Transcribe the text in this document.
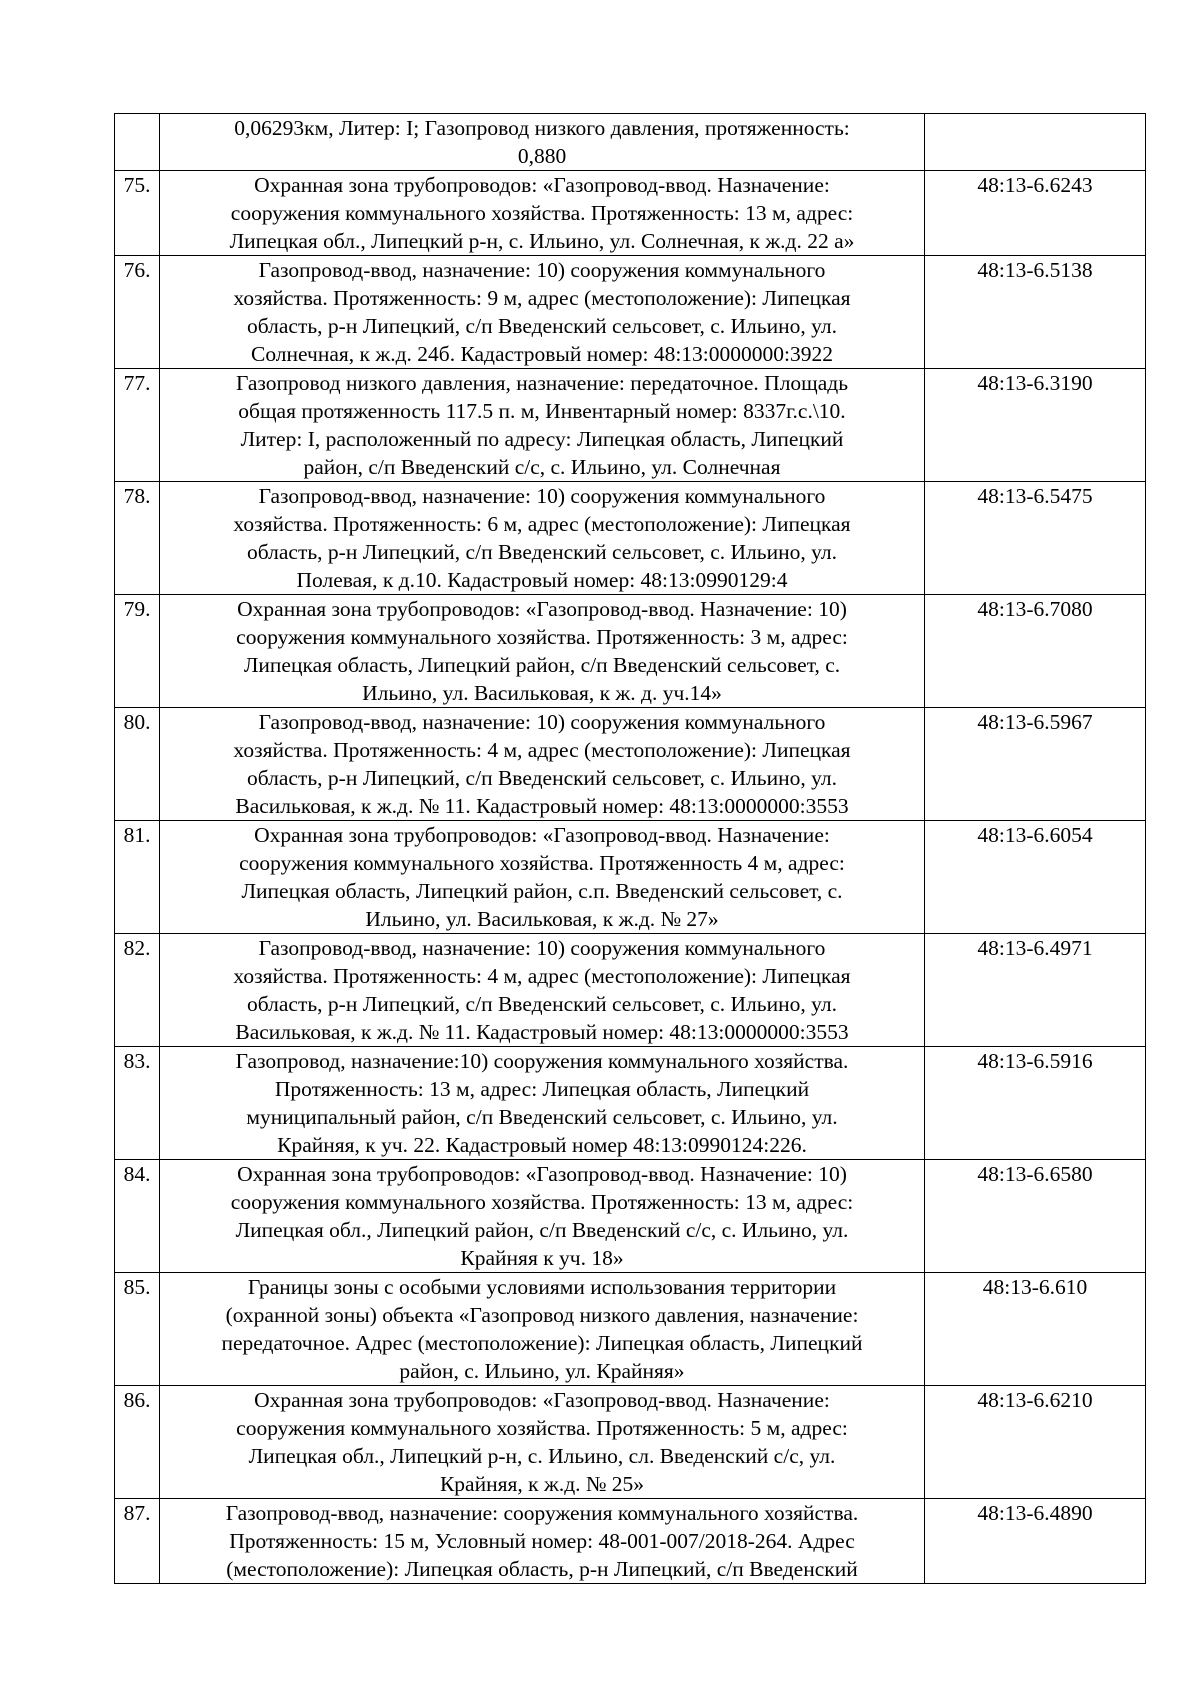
	0,06293км, Литер: I; Газопровод низкого давления, протяженность:
0,880	

75.	Охранная зона трубопроводов: «Газопровод-ввод. Назначение:
сооружения коммунального хозяйства. Протяженность: 13 м, адрес:
Липецкая обл., Липецкий р-н, с. Ильино, ул. Солнечная, к ж.д. 22 а»	48:13-6.6243
76.	Газопровод-ввод, назначение: 10) сооружения коммунального
хозяйства. Протяженность: 9 м, адрес (местоположение): Липецкая
область, р-н Липецкий, с/п Введенский сельсовет, с. Ильино, ул.
Солнечная, к ж.д. 24б. Кадастровый номер: 48:13:0000000:3922	48:13-6.5138
77.	Газопровод низкого давления, назначение: передаточное. Площадь
общая протяженность 117.5 п. м, Инвентарный номер: 8337г.с.\10.
Литер: I, расположенный по адресу: Липецкая область, Липецкий
район, с/п Введенский с/с, с. Ильино, ул. Солнечная	48:13-6.3190
78.	Газопровод-ввод, назначение: 10) сооружения коммунального
хозяйства. Протяженность: 6 м, адрес (местоположение): Липецкая
область, р-н Липецкий, с/п Введенский сельсовет, с. Ильино, ул.
Полевая, к д.10. Кадастровый номер: 48:13:0990129:4	48:13-6.5475
79.	Охранная зона трубопроводов: «Газопровод-ввод. Назначение: 10)
сооружения коммунального хозяйства. Протяженность: 3 м, адрес:
Липецкая область, Липецкий район, с/п Введенский сельсовет, с.
Ильино, ул. Васильковая, к ж. д. уч.14»	48:13-6.7080
80.	Газопровод-ввод, назначение: 10) сооружения коммунального
хозяйства. Протяженность: 4 м, адрес (местоположение): Липецкая
область, р-н Липецкий, с/п Введенский сельсовет, с. Ильино, ул.
Васильковая, к ж.д. № 11. Кадастровый номер: 48:13:0000000:3553	48:13-6.5967
81.	Охранная зона трубопроводов: «Газопровод-ввод. Назначение:
сооружения коммунального хозяйства. Протяженность 4 м, адрес:
Липецкая область, Липецкий район, с.п. Введенский сельсовет, с.
Ильино, ул. Васильковая, к ж.д. № 27»	48:13-6.6054
82.	Газопровод-ввод, назначение: 10) сооружения коммунального
хозяйства. Протяженность: 4 м, адрес (местоположение): Липецкая
область, р-н Липецкий, с/п Введенский сельсовет, с. Ильино, ул.
Васильковая, к ж.д. № 11. Кадастровый номер: 48:13:0000000:3553	48:13-6.4971
83.	Газопровод, назначение:10) сооружения коммунального хозяйства.
Протяженность: 13 м, адрес: Липецкая область, Липецкий
муниципальный район, с/п Введенский сельсовет, с. Ильино, ул.
Крайняя, к уч. 22. Кадастровый номер 48:13:0990124:226.	48:13-6.5916
84.	Охранная зона трубопроводов: «Газопровод-ввод. Назначение: 10)
сооружения коммунального хозяйства. Протяженность: 13 м, адрес:
Липецкая обл., Липецкий район, с/п Введенский с/с, с. Ильино, ул.
Крайняя к уч. 18»	48:13-6.6580
85.	Границы зоны с особыми условиями использования территории
(охранной зоны) объекта «Газопровод низкого давления, назначение:
передаточное. Адрес (местоположение): Липецкая область, Липецкий
район, с. Ильино, ул. Крайняя»	48:13-6.610
86.	Охранная зона трубопроводов: «Газопровод-ввод. Назначение:
сооружения коммунального хозяйства. Протяженность: 5 м, адрес:
Липецкая обл., Липецкий р-н, с. Ильино, сл. Введенский с/с, ул.
Крайняя, к ж.д. № 25»	48:13-6.6210
87.	Газопровод-ввод, назначение: сооружения коммунального хозяйства.
Протяженность: 15 м, Условный номер: 48-001-007/2018-264. Адрес
(местоположение): Липецкая область, р-н Липецкий, с/п Введенский	48:13-6.4890
